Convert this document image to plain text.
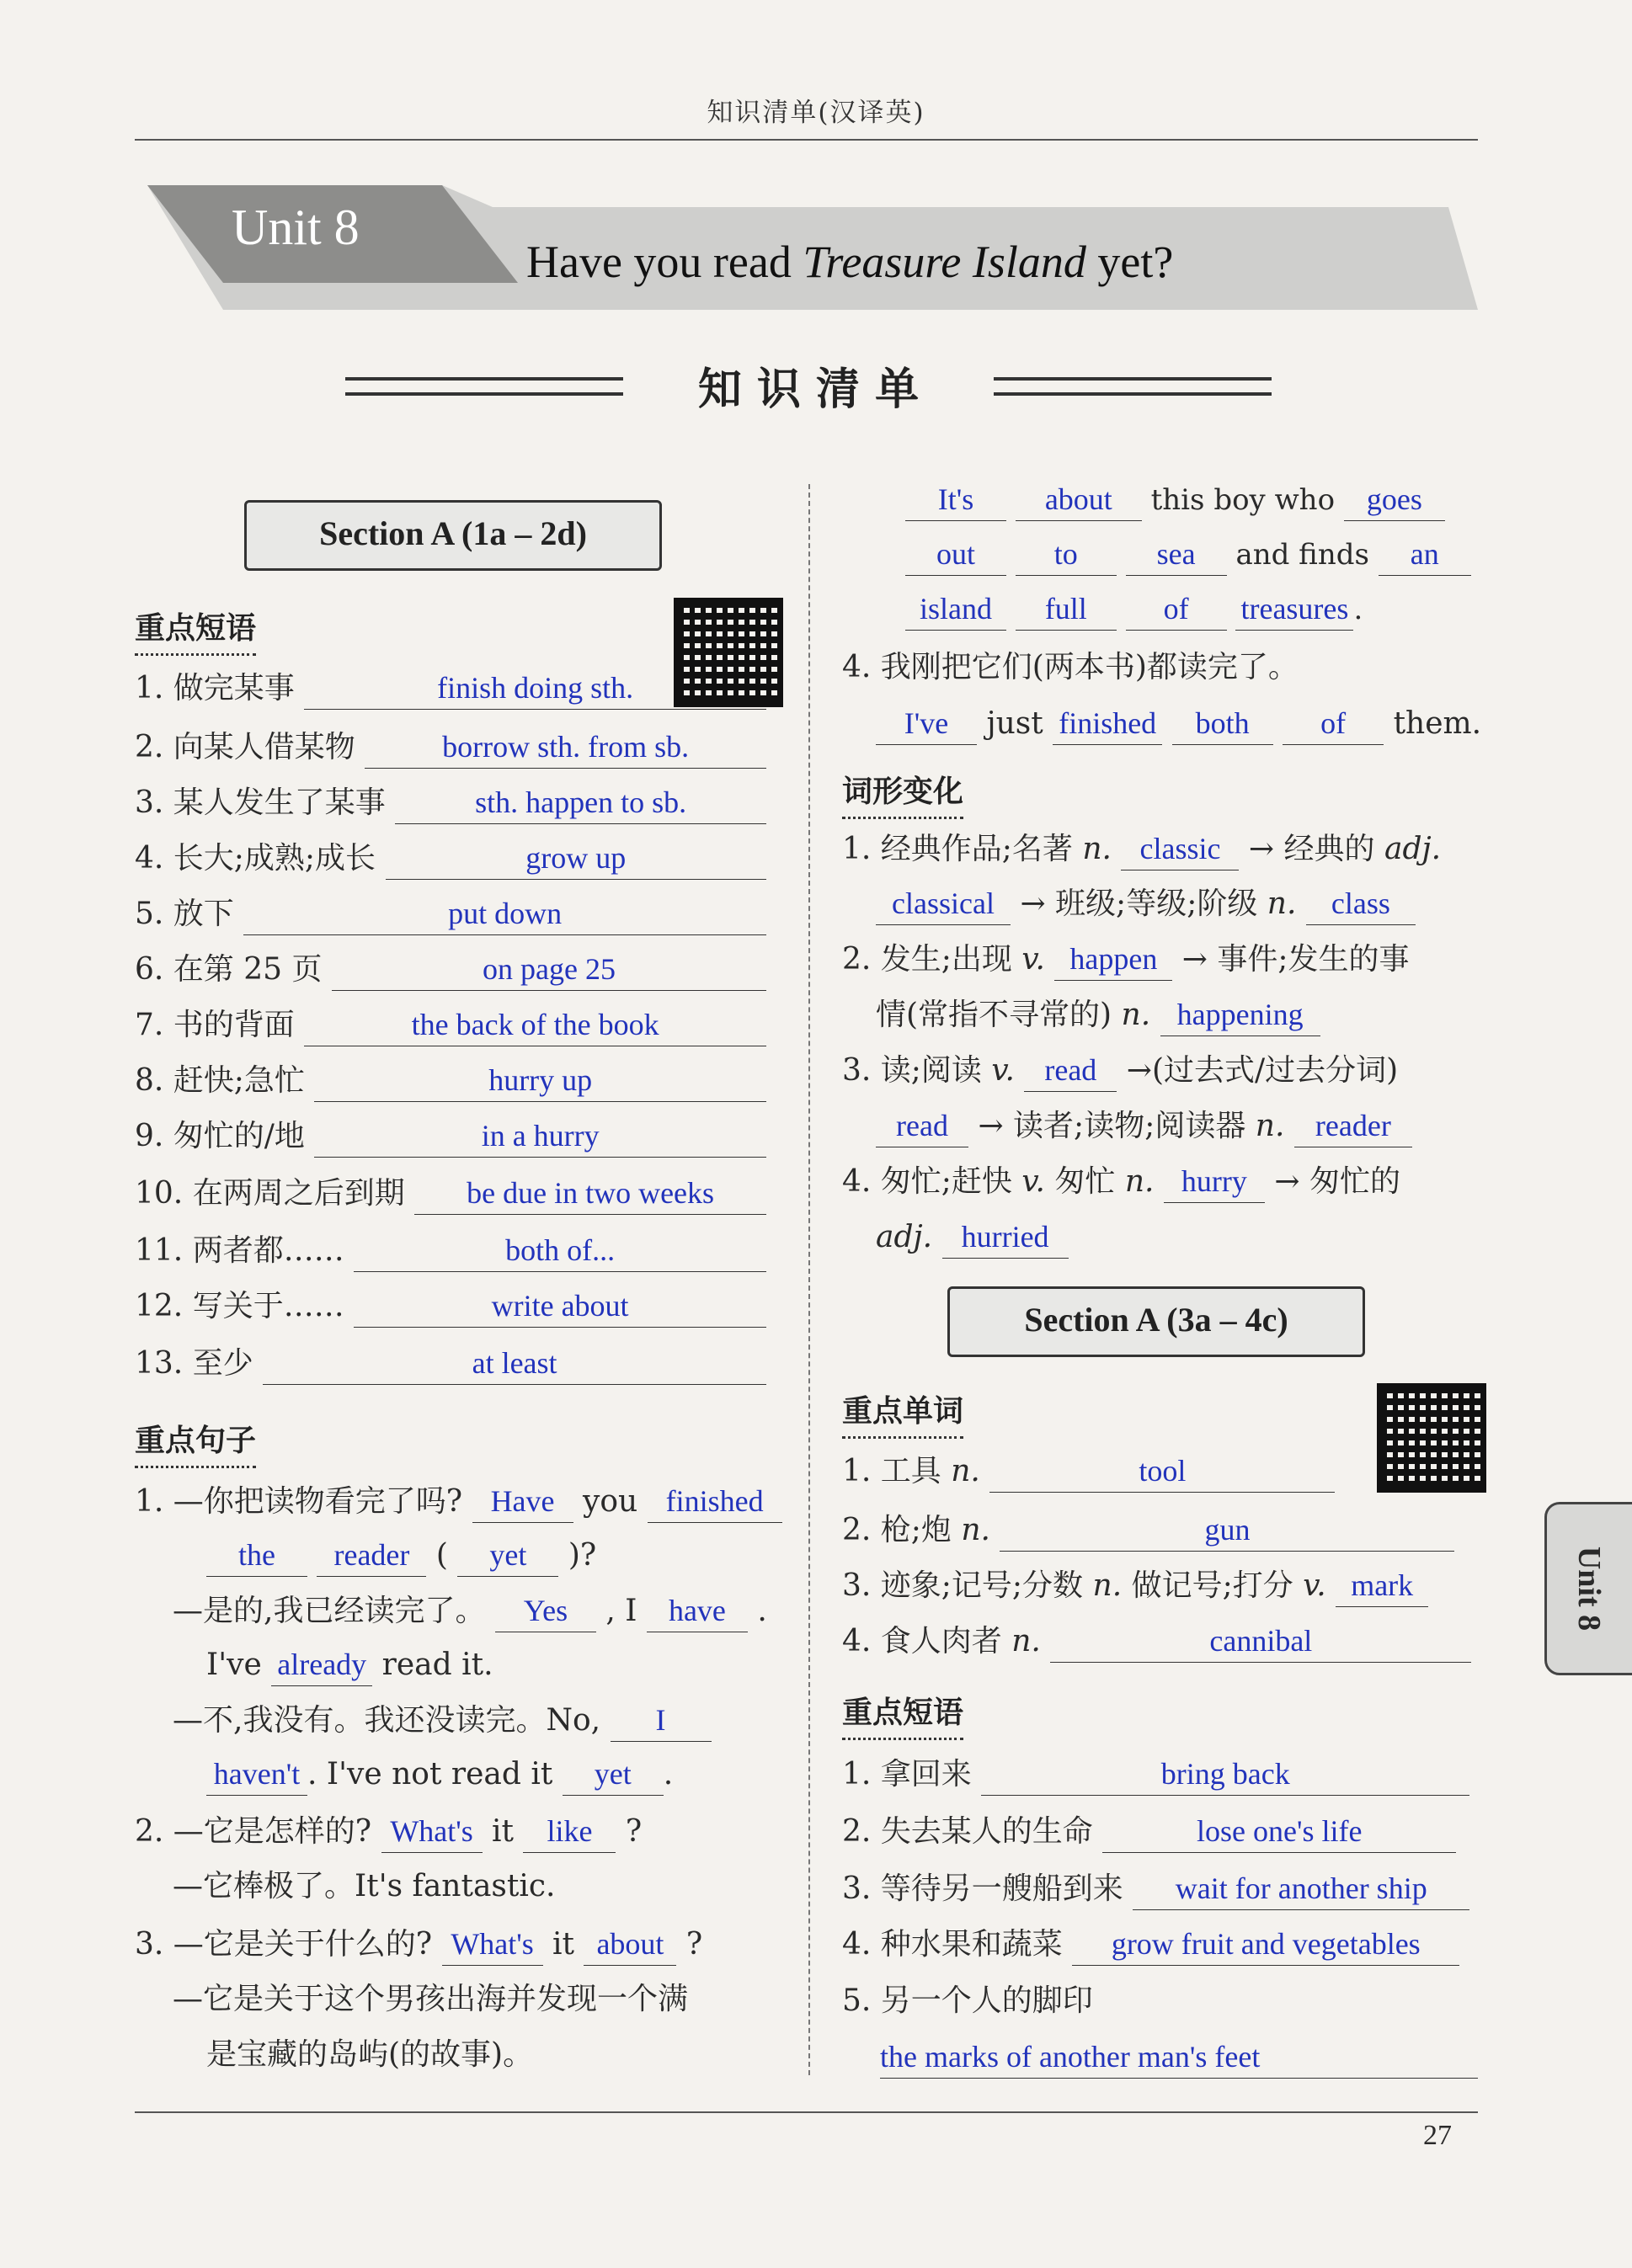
知识清单(汉译英)
Unit 8
Have you read Treasure Island yet?
知 识 清 单
Section A (1a – 2d)
重点短语
1. 做完某事	finish doing sth.
2. 向某人借某物	borrow sth. from sb.
3. 某人发生了某事	sth. happen to sb.
4. 长大;成熟;成长	grow up
5. 放下	put down
6. 在第 25 页	on page 25
7. 书的背面	the back of the book
8. 赶快;急忙	hurry up
9. 匆忙的/地	in a hurry
10. 在两周之后到期 be due in two weeks
11. 两者都……	both of...
12. 写关于……	write about
13. 至少	at least
重点句子
1. —你把读物看完了吗? Have you finished
the reader ( yet )?
—是的,我已经读完了。 Yes , I have .
I've already read it.
—不,我没有。我还没读完。No, I
haven't . I've not read it yet .
2. —它是怎样的? What's it like ?
—它棒极了。It's fantastic.
3. —它是关于什么的? What's it about ?
—它是关于这个男孩出海并发现一个满
是宝藏的岛屿(的故事)。
It's about this boy who goes
out	to	sea and finds an
island full	of treasures .
4. 我刚把它们(两本书)都读完了。
I've just finished both of them.
词形变化
1. 经典作品;名著 n. classic → 经典的 adj.
classical → 班级;等级;阶级 n. class
2. 发生;出现 v. happen → 事件;发生的事
情(常指不寻常的) n. happening
3. 读;阅读 v. read →(过去式/过去分词)
read → 读者;读物;阅读器 n. reader
4. 匆忙;赶快 v. 匆忙 n. hurry → 匆忙的
adj. hurried
Section A (3a – 4c)
重点单词
1. 工具 n.	tool
2. 枪;炮 n.	gun
3. 迹象;记号;分数 n. 做记号;打分 v. mark
4. 食人肉者 n.	cannibal
重点短语
1. 拿回来	bring back
2. 失去某人的生命	lose one's life
3. 等待另一艘船到来 wait for another ship
4. 种水果和蔬菜 grow fruit and vegetables
5. 另一个人的脚印
the marks of another man's feet
Unit 8
27
